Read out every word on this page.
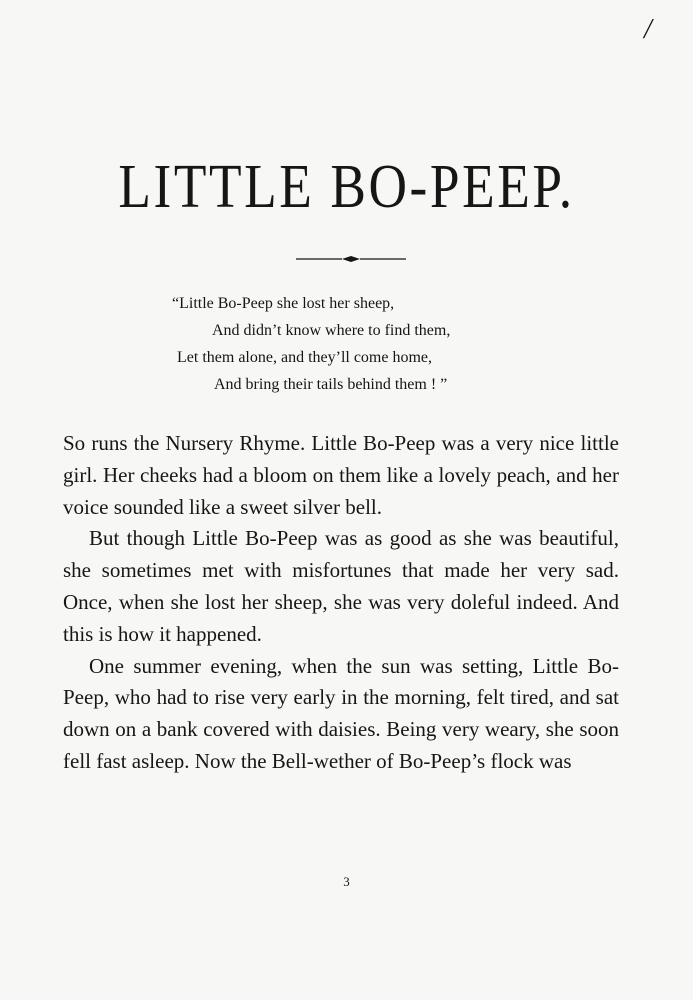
/
LITTLE BO-PEEP.
“Little Bo-Peep she lost her sheep,
And didn’t know where to find them,
Let them alone, and they’ll come home,
And bring their tails behind them ! ”

So runs the Nursery Rhyme. Little Bo-Peep was a very nice little girl. Her cheeks had a bloom on them like a lovely peach, and her voice sounded like a sweet silver bell.

But though Little Bo-Peep was as good as she was beautiful, she sometimes met with misfortunes that made her very sad. Once, when she lost her sheep, she was very doleful indeed. And this is how it happened.

One summer evening, when the sun was setting, Little Bo-Peep, who had to rise very early in the morning, felt tired, and sat down on a bank covered with daisies. Being very weary, she soon fell fast asleep. Now the Bell-wether of Bo-Peep’s flock was

3
